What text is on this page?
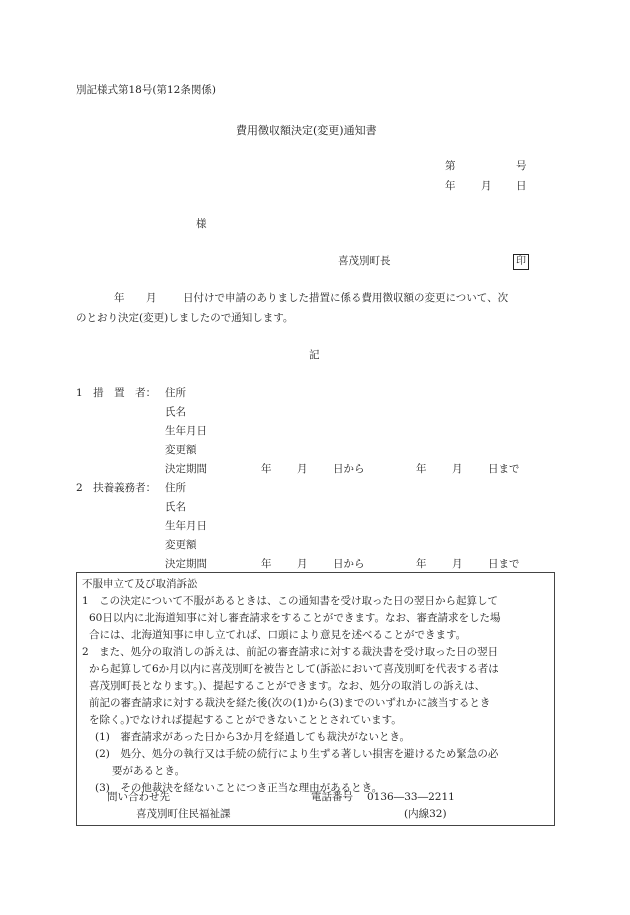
別記様式第18号(第12条関係)
費用徴収額決定(変更)通知書
第	号
年 月 日
様
喜茂別町長	印
年 月	日付けで申請のありました措置に係る費用徴収額の変更について、次
のとおり決定(変更)しましたので通知します。
記
1　措　置　者： 住所
氏名
生年月日
変更額
決定期間	年 月 日から	年 月 日まで
2　扶養義務者： 住所
氏名
生年月日
変更額
決定期間	年 月 日から	年 月 日まで
不服申立て及び取消訴訟
1　この決定について不服があるときは、この通知書を受け取った日の翌日から起算して
60日以内に北海道知事に対し審査請求をすることができます。なお、審査請求をした場
合には、北海道知事に申し立てれば、口頭により意見を述べることができます。
2　また、処分の取消しの訴えは、前記の審査請求に対する裁決書を受け取った日の翌日
から起算して6か月以内に喜茂別町を被告として(訴訟において喜茂別町を代表する者は
喜茂別町長となります。)、提起することができます。なお、処分の取消しの訴えは、
前記の審査請求に対する裁決を経た後(次の(1)から(3)までのいずれかに該当するとき
を除く。)でなければ提起することができないこととされています。
(1)　審査請求があった日から3か月を経過しても裁決がないとき。
(2)　処分、処分の執行又は手続の続行により生ずる著しい損害を避けるため緊急の必
要があるとき。
(3)　その他裁決を経ないことにつき正当な理由があるとき。
問い合わせ先
喜茂別町住民福祉課
電話番号 0136―33―2211
(内線32)
